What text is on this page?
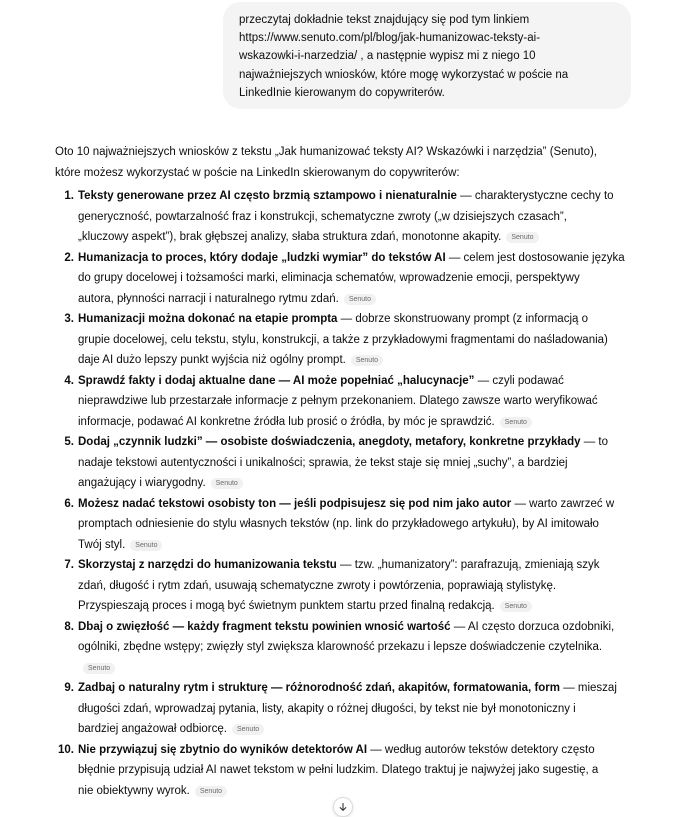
przeczytaj dokładnie tekst znajdujący się pod tym linkiem
https://www.senuto.com/pl/blog/jak-humanizowac-teksty-ai-
wskazowki-i-narzedzia/ , a następnie wypisz mi z niego 10
najważniejszych wniosków, które mogę wykorzystać w poście na
LinkedInie kierowanym do copywriterów.

Oto 10 najważniejszych wniosków z tekstu „Jak humanizować teksty AI? Wskazówki i narzędzia” (Senuto),
które możesz wykorzystać w poście na LinkedIn skierowanym do copywriterów:

1. Teksty generowane przez AI często brzmią sztampowo i nienaturalnie — charakterystyczne cechy to
generyczność, powtarzalność fraz i konstrukcji, schematyczne zwroty („w dzisiejszych czasach”,
„kluczowy aspekt”), brak głębszej analizy, słaba struktura zdań, monotonne akapity. Senuto
2. Humanizacja to proces, który dodaje „ludzki wymiar” do tekstów AI — celem jest dostosowanie języka
do grupy docelowej i tożsamości marki, eliminacja schematów, wprowadzenie emocji, perspektywy
autora, płynności narracji i naturalnego rytmu zdań. Senuto
3. Humanizacji można dokonać na etapie prompta — dobrze skonstruowany prompt (z informacją o
grupie docelowej, celu tekstu, stylu, konstrukcji, a także z przykładowymi fragmentami do naśladowania)
daje AI dużo lepszy punkt wyjścia niż ogólny prompt. Senuto
4. Sprawdź fakty i dodaj aktualne dane — AI może popełniać „halucynacje” — czyli podawać
nieprawdziwe lub przestarzałe informacje z pełnym przekonaniem. Dlatego zawsze warto weryfikować
informacje, podawać AI konkretne źródła lub prosić o źródła, by móc je sprawdzić. Senuto
5. Dodaj „czynnik ludzki” — osobiste doświadczenia, anegdoty, metafory, konkretne przykłady — to
nadaje tekstowi autentyczności i unikalności; sprawia, że tekst staje się mniej „suchy”, a bardziej
angażujący i wiarygodny. Senuto
6. Możesz nadać tekstowi osobisty ton — jeśli podpisujesz się pod nim jako autor — warto zawrzeć w
promptach odniesienie do stylu własnych tekstów (np. link do przykładowego artykułu), by AI imitowało
Twój styl. Senuto
7. Skorzystaj z narzędzi do humanizowania tekstu — tzw. „humanizatory”: parafrazują, zmieniają szyk
zdań, długość i rytm zdań, usuwają schematyczne zwroty i powtórzenia, poprawiają stylistykę.
Przyspieszają proces i mogą być świetnym punktem startu przed finalną redakcją. Senuto
8. Dbaj o zwięzłość — każdy fragment tekstu powinien wnosić wartość — AI często dorzuca ozdobniki,
ogólniki, zbędne wstępy; zwięzły styl zwiększa klarowność przekazu i lepsze doświadczenie czytelnika.
Senuto
9. Zadbaj o naturalny rytm i strukturę — różnorodność zdań, akapitów, formatowania, form — mieszaj
długości zdań, wprowadzaj pytania, listy, akapity o różnej długości, by tekst nie był monotoniczny i
bardziej angażował odbiorcę. Senuto
10. Nie przywiązuj się zbytnio do wyników detektorów AI — według autorów tekstów detektory często
błędnie przypisują udział AI nawet tekstom w pełni ludzkim. Dlatego traktuj je najwyżej jako sugestię, a
nie obiektywny wyrok. Senuto
